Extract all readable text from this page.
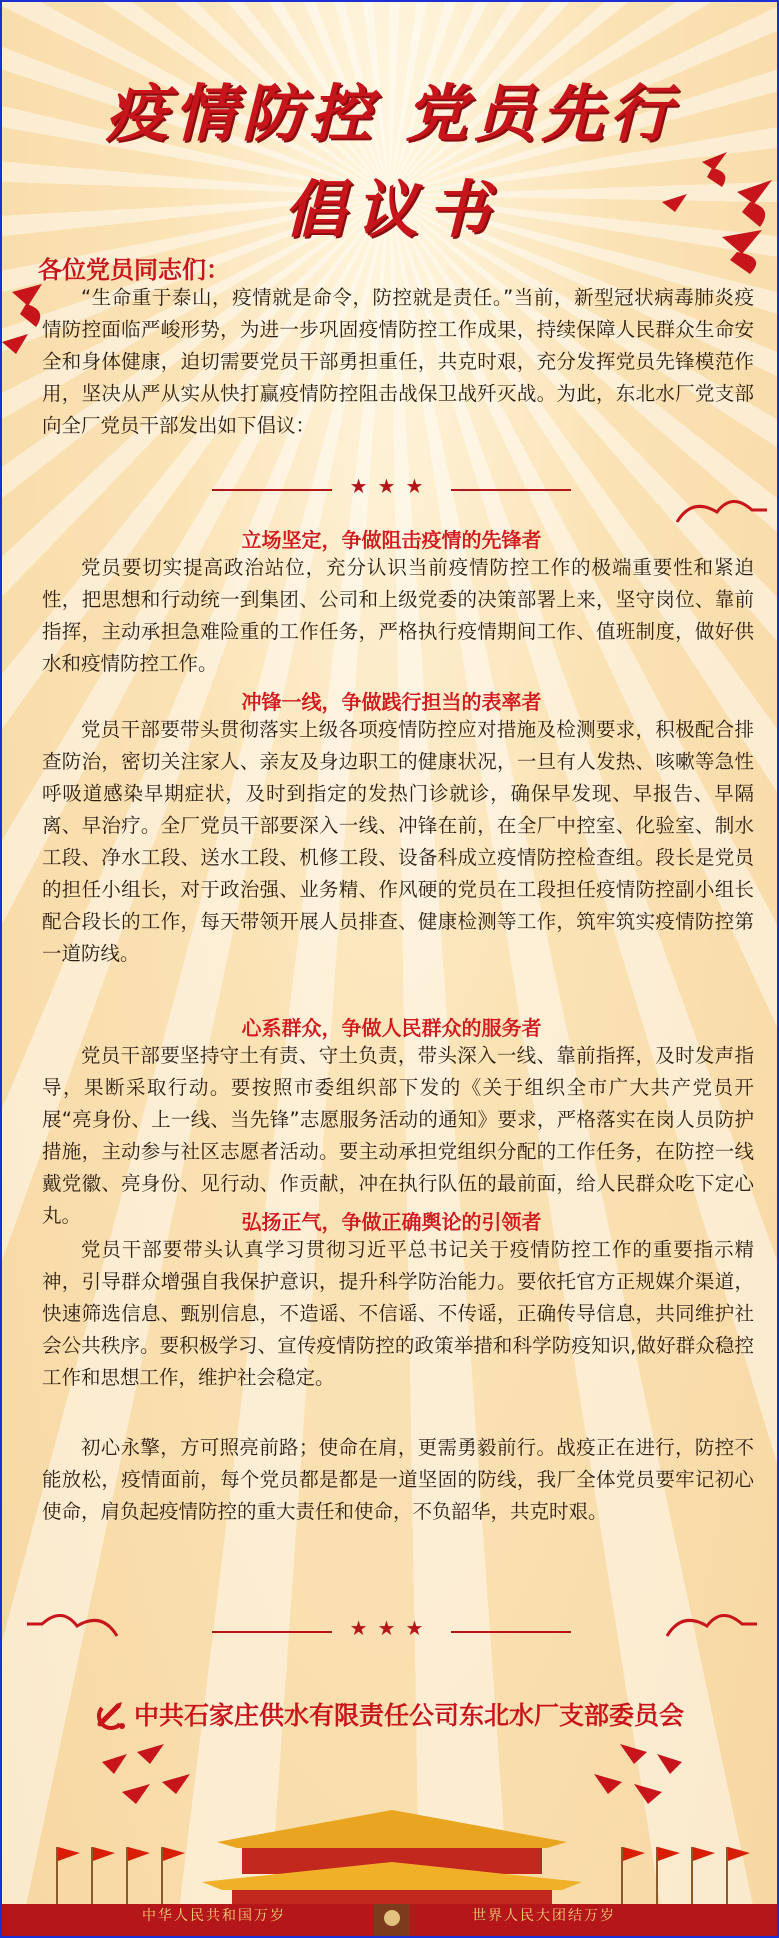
疫情防控 党员先行
倡议书
各位党员同志们：
“生命重于泰山，疫情就是命令，防控就是责任。”当前，新型冠状病毒肺炎疫情防控面临严峻形势，为进一步巩固疫情防控工作成果，持续保障人民群众生命安全和身体健康，迫切需要党员干部勇担重任，共克时艰，充分发挥党员先锋模范作用，坚决从严从实从快打赢疫情防控阻击战保卫战歼灭战。为此，东北水厂党支部向全厂党员干部发出如下倡议：
★★★
立场坚定，争做阻击疫情的先锋者
党员要切实提高政治站位，充分认识当前疫情防控工作的极端重要性和紧迫性，把思想和行动统一到集团、公司和上级党委的决策部署上来，坚守岗位、靠前指挥，主动承担急难险重的工作任务，严格执行疫情期间工作、值班制度，做好供水和疫情防控工作。
冲锋一线，争做践行担当的表率者
党员干部要带头贯彻落实上级各项疫情防控应对措施及检测要求，积极配合排查防治，密切关注家人、亲友及身边职工的健康状况，一旦有人发热、咳嗽等急性呼吸道感染早期症状，及时到指定的发热门诊就诊，确保早发现、早报告、早隔离、早治疗。全厂党员干部要深入一线、冲锋在前，在全厂中控室、化验室、制水工段、净水工段、送水工段、机修工段、设备科成立疫情防控检查组。段长是党员的担任小组长，对于政治强、业务精、作风硬的党员在工段担任疫情防控副小组长配合段长的工作，每天带领开展人员排查、健康检测等工作，筑牢筑实疫情防控第一道防线。
心系群众，争做人民群众的服务者
党员干部要坚持守土有责、守土负责，带头深入一线、靠前指挥，及时发声指导，果断采取行动。要按照市委组织部下发的《关于组织全市广大共产党员开展“亮身份、上一线、当先锋”志愿服务活动的通知》要求，严格落实在岗人员防护措施，主动参与社区志愿者活动。要主动承担党组织分配的工作任务，在防控一线戴党徽、亮身份、见行动、作贡献，冲在执行队伍的最前面，给人民群众吃下定心丸。	弘扬正气，争做正确舆论的引领者
党员干部要带头认真学习贯彻习近平总书记关于疫情防控工作的重要指示精神，引导群众增强自我保护意识，提升科学防治能力。要依托官方正规媒介渠道，快速筛选信息、甄别信息，不造谣、不信谣、不传谣，正确传导信息，共同维护社会公共秩序。要积极学习、宣传疫情防控的政策举措和科学防疫知识,做好群众稳控工作和思想工作，维护社会稳定。
初心永擎，方可照亮前路；使命在肩，更需勇毅前行。战疫正在进行，防控不能放松，疫情面前，每个党员都是都是一道坚固的防线，我厂全体党员要牢记初心使命，肩负起疫情防控的重大责任和使命，不负韶华，共克时艰。
★★★
中共石家庄供水有限责任公司东北水厂支部委员会
中华人民共和国万岁	世界人民大团结万岁
